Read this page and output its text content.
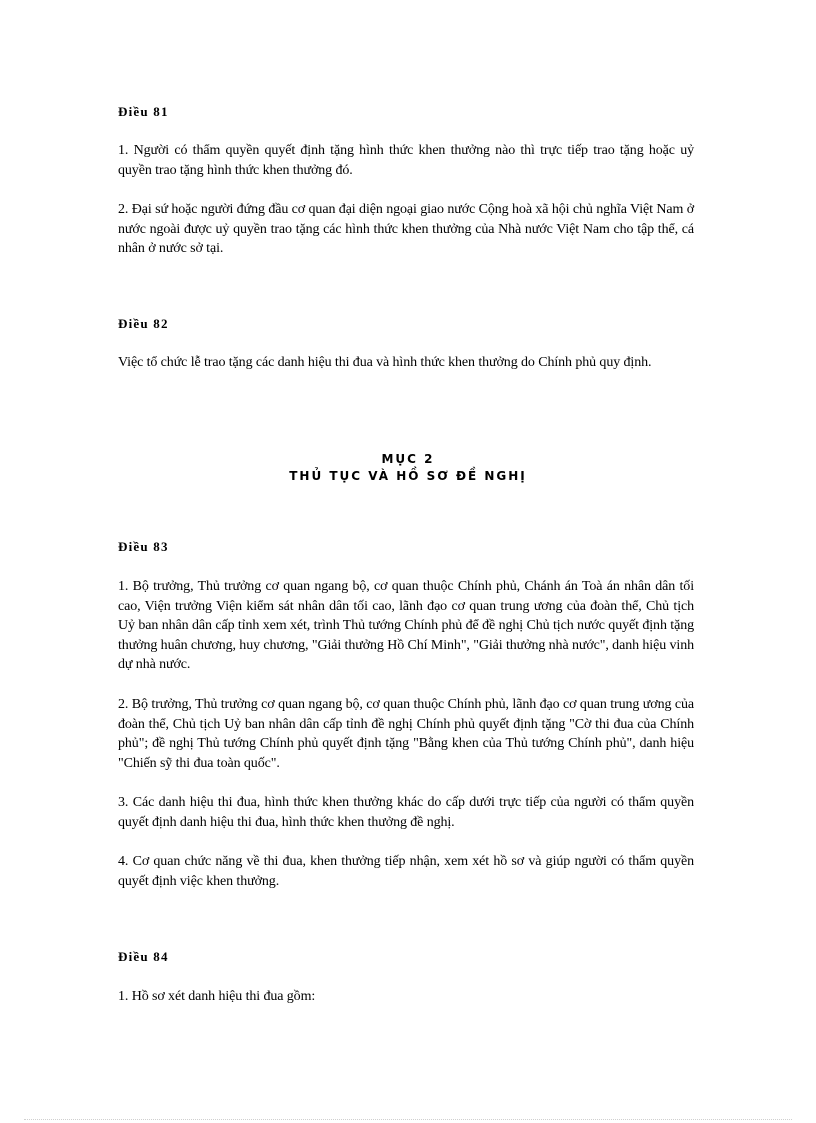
Điều 81
1. Người có thẩm quyền quyết định tặng hình thức khen thưởng nào thì trực tiếp trao tặng hoặc uỷ quyền trao tặng hình thức khen thưởng đó.
2. Đại sứ hoặc người đứng đầu cơ quan đại diện ngoại giao nước Cộng hoà xã hội chủ nghĩa Việt Nam ở nước ngoài được uỷ quyền trao tặng các hình thức khen thưởng của Nhà nước Việt Nam cho tập thể, cá nhân ở nước sở tại.
Điều 82
Việc tổ chức lễ trao tặng các danh hiệu thi đua và hình thức khen thưởng do Chính phủ quy định.
MỤC 2
THỦ TỤC VÀ HỒ SƠ ĐỀ NGHỊ
Điều 83
1. Bộ trưởng, Thủ trưởng cơ quan ngang bộ, cơ quan thuộc Chính phủ, Chánh án Toà án nhân dân tối cao, Viện trưởng Viện kiểm sát nhân dân tối cao, lãnh đạo cơ quan trung ương của đoàn thể, Chủ tịch Uỷ ban nhân dân cấp tỉnh xem xét, trình Thủ tướng Chính phủ để đề nghị Chủ tịch nước quyết định tặng thưởng huân chương, huy chương, "Giải thưởng Hồ Chí Minh", "Giải thưởng nhà nước", danh hiệu vinh dự nhà nước.
2. Bộ trưởng, Thủ trưởng cơ quan ngang bộ, cơ quan thuộc Chính phủ, lãnh đạo cơ quan trung ương của đoàn thể, Chủ tịch Uỷ ban nhân dân cấp tỉnh đề nghị Chính phủ quyết định tặng "Cờ thi đua của Chính phủ"; đề nghị Thủ tướng Chính phủ quyết định tặng "Bằng khen của Thủ tướng Chính phủ", danh hiệu "Chiến sỹ thi đua toàn quốc".
3. Các danh hiệu thi đua, hình thức khen thưởng khác do cấp dưới trực tiếp của người có thẩm quyền quyết định danh hiệu thi đua, hình thức khen thưởng đề nghị.
4. Cơ quan chức năng về thi đua, khen thưởng tiếp nhận, xem xét hồ sơ và giúp người có thẩm quyền quyết định việc khen thưởng.
Điều 84
1. Hồ sơ xét danh hiệu thi đua gồm:
